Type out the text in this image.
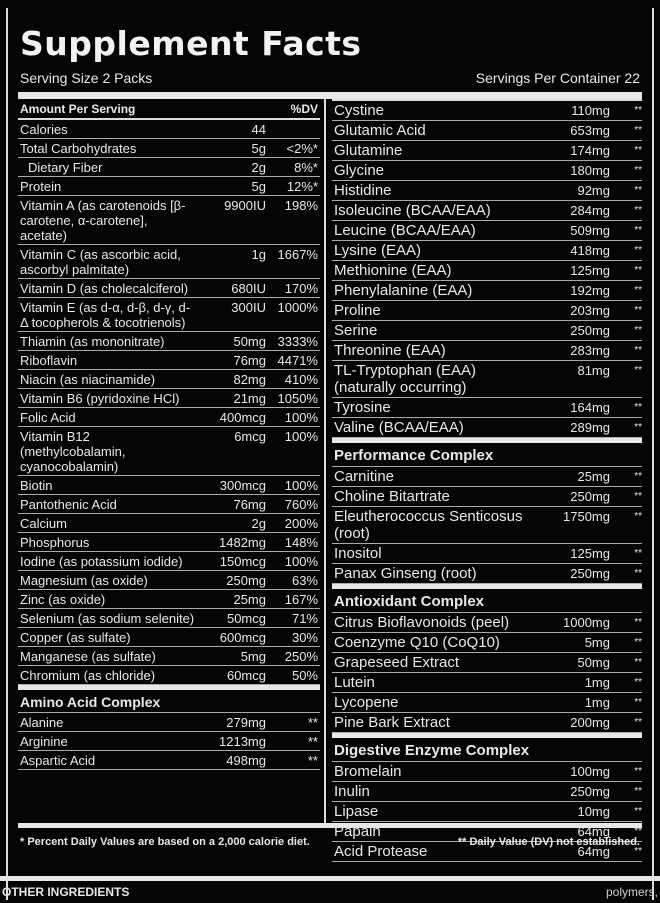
Supplement Facts
Serving Size 2 Packs	Servings Per Container 22
Amount Per Serving	%DV
Calories	44
Total Carbohydrates	5g	<2%*
Dietary Fiber	2g	8%*
Protein	5g	12%*
Vitamin A (as carotenoids [β-carotene, α-carotene], acetate)
9900IU	198%
Vitamin C (as ascorbic acid, ascorbyl palmitate)
1g 1667%
Vitamin D (as cholecalciferol)	680IU	170%
Vitamin E (as d-α, d-β, d-γ, d-Δ tocopherols & tocotrienols)
300IU 1000%
Thiamin (as mononitrate)	50mg 3333%
Riboflavin	76mg 4471%
Niacin (as niacinamide)	82mg	410%
Vitamin B6 (pyridoxine HCl)	21mg 1050%
Folic Acid	400mcg	100%
Vitamin B12 (methylcobalamin, cyanocobalamin)
6mcg	100%
Biotin	300mcg	100%
Pantothenic Acid	76mg	760%
Calcium	2g	200%
Phosphorus	1482mg	148%
Iodine (as potassium iodide)	150mcg	100%
Magnesium (as oxide)	250mg	63%
Zinc (as oxide)	25mg	167%
Selenium (as sodium selenite)	50mcg	71%
Copper (as sulfate)	600mcg	30%
Manganese (as sulfate)	5mg	250%
Chromium (as chloride)	60mcg	50%
Amino Acid Complex
Alanine	279mg	**
Arginine	1213mg	**
Aspartic Acid	498mg	**
Cystine	110mg	**
Glutamic Acid	653mg	**
Glutamine	174mg	**
Glycine	180mg	**
Histidine	92mg	**
Isoleucine (BCAA/EAA)	284mg	**
Leucine (BCAA/EAA)	509mg	**
Lysine (EAA)	418mg	**
Methionine (EAA)	125mg	**
Phenylalanine (EAA)	192mg	**
Proline	203mg	**
Serine	250mg	**
Threonine (EAA)	283mg	**
TL-Tryptophan (EAA) (naturally occurring)
81mg	**
Tyrosine	164mg	**
Valine (BCAA/EAA)	289mg	**
Performance Complex
Carnitine	25mg	**
Choline Bitartrate	250mg	**
Eleutherococcus Senticosus (root)
1750mg	**
Inositol	125mg	**
Panax Ginseng (root)	250mg	**
Antioxidant Complex
Citrus Bioflavonoids (peel)	1000mg	**
Coenzyme Q10 (CoQ10)	5mg	**
Grapeseed Extract	50mg	**
Lutein	1mg	**
Lycopene	1mg	**
Pine Bark Extract	200mg	**
Digestive Enzyme Complex
Bromelain	100mg	**
Inulin	250mg	**
Lipase	10mg	**
Papain	64mg	**
Acid Protease	64mg	**
* Percent Daily Values are based on a 2,000 calorie diet.	** Daily Value (DV) not established.
OTHER INGREDIENTS	polymers,
